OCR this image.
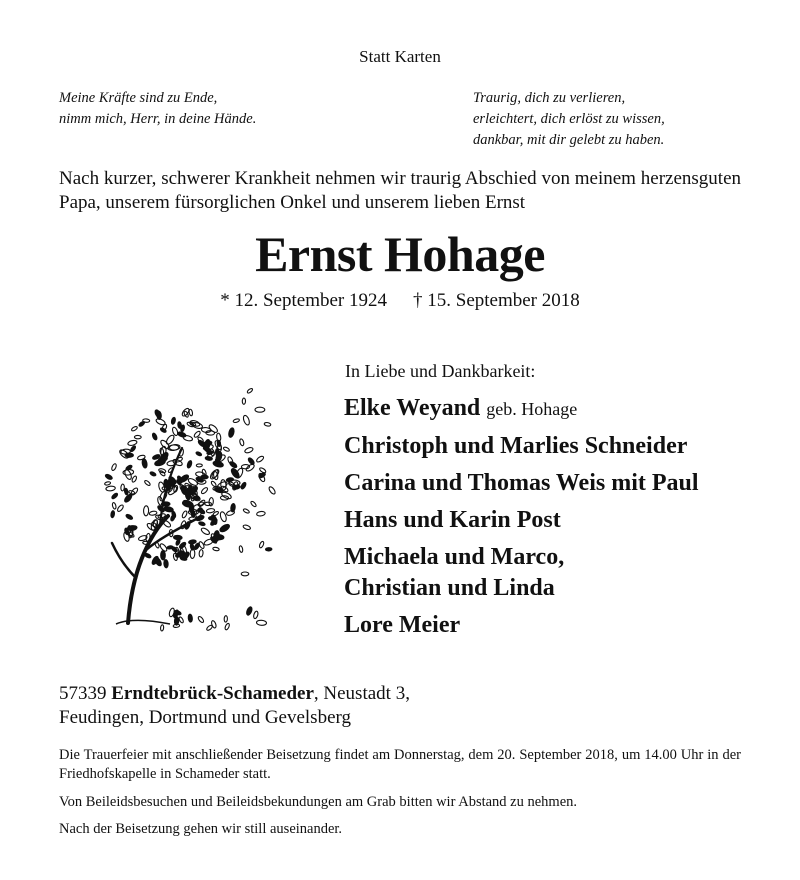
Statt Karten
Meine Kräfte sind zu Ende,
nimm mich, Herr, in deine Hände.
Traurig, dich zu verlieren,
erleichtert, dich erlöst zu wissen,
dankbar, mit dir gelebt zu haben.
Nach kurzer, schwerer Krankheit nehmen wir traurig Abschied von meinem herzensguten Papa, unserem fürsorglichen Onkel und unserem lieben Ernst
Ernst Hohage
* 12. September 1924 † 15. September 2018
In Liebe und Dankbarkeit:
Elke Weyand geb. Hohage
Christoph und Marlies Schneider
Carina und Thomas Weis mit Paul
Hans und Karin Post
Michaela und Marco,
Christian und Linda
Lore Meier
57339 Erndtebrück-Schameder, Neustadt 3,
Feudingen, Dortmund und Gevelsberg
Die Trauerfeier mit anschließender Beisetzung findet am Donnerstag, dem 20. September 2018, um 14.00 Uhr in der Friedhofskapelle in Schameder statt.
Von Beileidsbesuchen und Beileidsbekundungen am Grab bitten wir Abstand zu nehmen.
Nach der Beisetzung gehen wir still auseinander.
